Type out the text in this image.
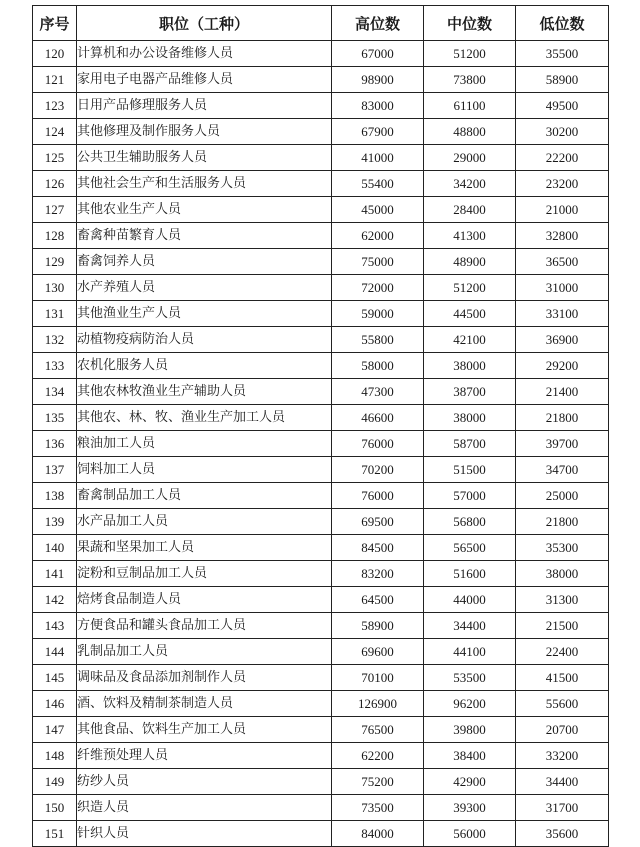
序号	职位（工种）	高位数	中位数	低位数
120	计算机和办公设备维修人员	67000	51200	35500
121	家用电子电器产品维修人员	98900	73800	58900
123	日用产品修理服务人员	83000	61100	49500
124	其他修理及制作服务人员	67900	48800	30200
125	公共卫生辅助服务人员	41000	29000	22200
126	其他社会生产和生活服务人员	55400	34200	23200
127	其他农业生产人员	45000	28400	21000
128	畜禽种苗繁育人员	62000	41300	32800
129	畜禽饲养人员	75000	48900	36500
130	水产养殖人员	72000	51200	31000
131	其他渔业生产人员	59000	44500	33100
132	动植物疫病防治人员	55800	42100	36900
133	农机化服务人员	58000	38000	29200
134	其他农林牧渔业生产辅助人员	47300	38700	21400
135	其他农、林、牧、渔业生产加工人员	46600	38000	21800
136	粮油加工人员	76000	58700	39700
137	饲料加工人员	70200	51500	34700
138	畜禽制品加工人员	76000	57000	25000
139	水产品加工人员	69500	56800	21800
140	果蔬和坚果加工人员	84500	56500	35300
141	淀粉和豆制品加工人员	83200	51600	38000
142	焙烤食品制造人员	64500	44000	31300
143	方便食品和罐头食品加工人员	58900	34400	21500
144	乳制品加工人员	69600	44100	22400
145	调味品及食品添加剂制作人员	70100	53500	41500
146	酒、饮料及精制茶制造人员	126900	96200	55600
147	其他食品、饮料生产加工人员	76500	39800	20700
148	纤维预处理人员	62200	38400	33200
149	纺纱人员	75200	42900	34400
150	织造人员	73500	39300	31700
151	针织人员	84000	56000	35600
